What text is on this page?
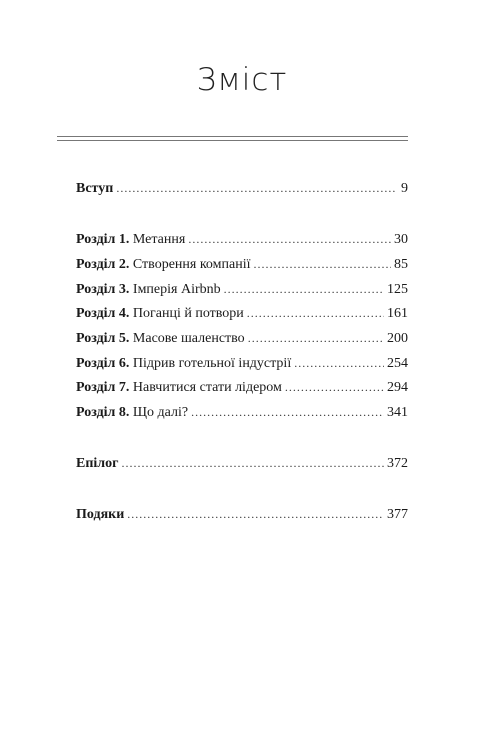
Зміст
Вступ .....	9
Розділ 1. Метання .....	30
Розділ 2. Створення компанії .....	85
Розділ 3. Імперія Airbnb .....	125
Розділ 4. Поганці й потвори .....	161
Розділ 5. Масове шаленство .....	200
Розділ 6. Підрив готельної індустрії .....	254
Розділ 7. Навчитися стати лідером .....	294
Розділ 8. Що далі? .....	341
Епілог .....	372
Подяки .....	377
